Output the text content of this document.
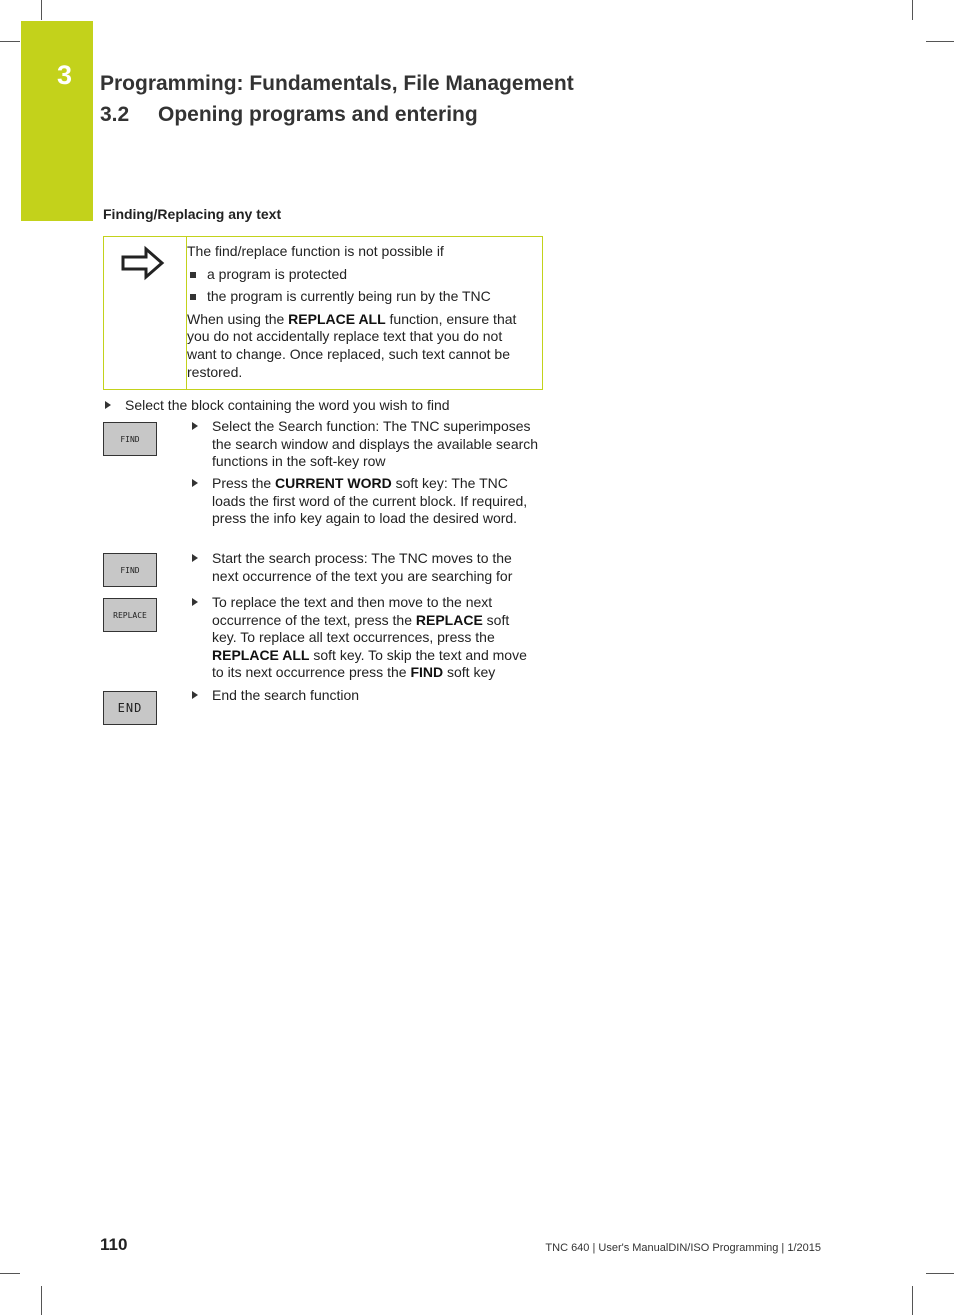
3	Programming: Fundamentals, File Management
3.2 Opening programs and entering
Finding/Replacing any text

The find/replace function is not possible if

a program is protected
the program is currently being run by the TNC

When using the REPLACE ALL function, ensure that you do not accidentally replace text that you do not want to change. Once replaced, such text cannot be restored.

Select the block containing the word you wish to find
FIND
Select the Search function: The TNC superimposes the search window and displays the available search functions in the soft-key row
Press the CURRENT WORD soft key: The TNC loads the first word of the current block. If required, press the info key again to load the desired word.
FIND
Start the search process: The TNC moves to the next occurrence of the text you are searching for
REPLACE
To replace the text and then move to the next occurrence of the text, press the REPLACE soft key. To replace all text occurrences, press the REPLACE ALL soft key. To skip the text and move to its next occurrence press the FIND soft key
END
End the search function
110	TNC 640 | User's ManualDIN/ISO Programming | 1/2015
